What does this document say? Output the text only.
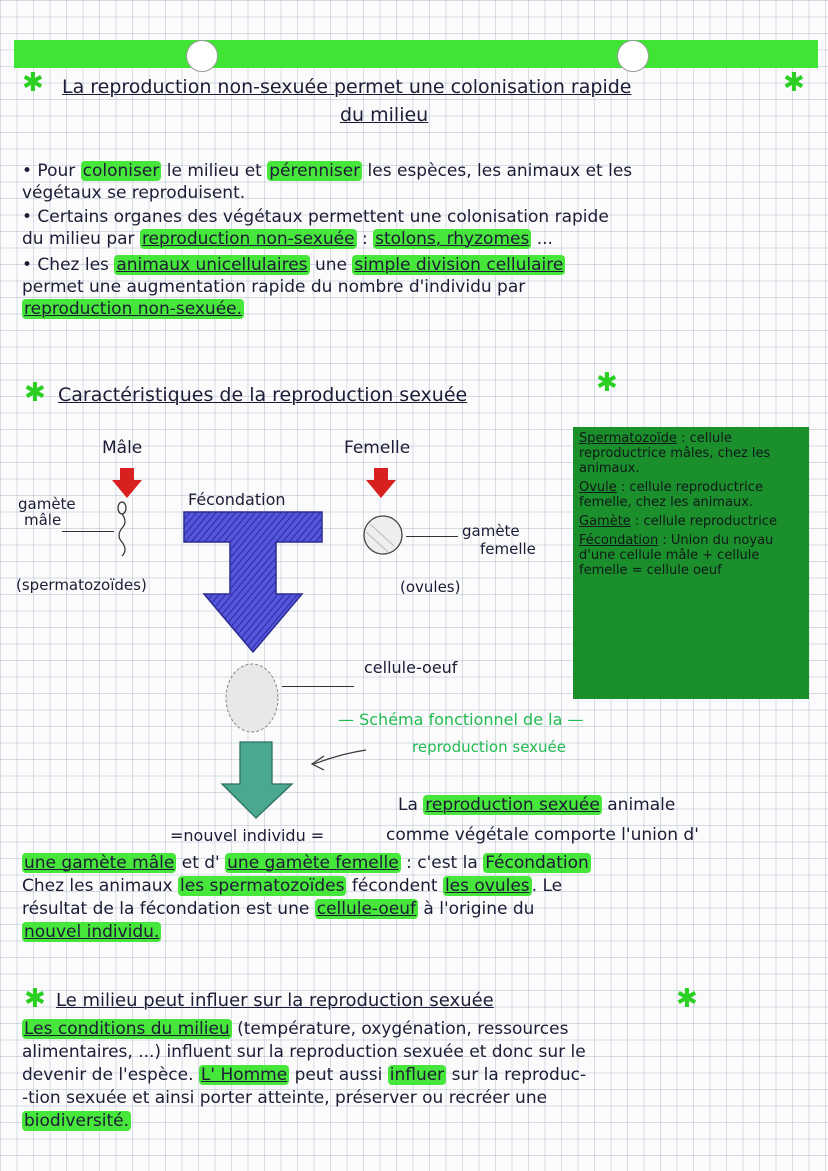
✱	✱
La reproduction non-sexuée permet une colonisation rapide
du milieu
• Pour coloniser le milieu et pérenniser les espèces, les animaux et les
végétaux se reproduisent.
• Certains organes des végétaux permettent une colonisation rapide
du milieu par reproduction non-sexuée : stolons, rhyzomes ...
• Chez les animaux unicellulaires une simple division cellulaire
permet une augmentation rapide du nombre d'individu par
reproduction non-sexuée.
✱	✱
Caractéristiques de la reproduction sexuée
Mâle	Femelle
gamète
mâle
(spermatozoïdes)
Fécondation
gamète
femelle
(ovules)
cellule-oeuf
— Schéma fonctionnel de la —
reproduction sexuée
=nouvel individu =
Spermatozoïde : cellule reproductrice mâles, chez les animaux.
Ovule : cellule reproductrice femelle, chez les animaux.
Gamète : cellule reproductrice
Fécondation : Union du noyau d'une cellule mâle + cellule femelle = cellule oeuf
La reproduction sexuée animale
comme végétale comporte l'union d'
une gamète mâle et d' une gamète femelle : c'est la Fécondation
Chez les animaux les spermatozoïdes fécondent les ovules . Le
résultat de la fécondation est une cellule-oeuf à l'origine du
nouvel individu.
✱	✱
Le milieu peut influer sur la reproduction sexuée
Les conditions du milieu (température, oxygénation, ressources
alimentaires, ...) influent sur la reproduction sexuée et donc sur le
devenir de l'espèce. L' Homme peut aussi influer sur la reproduc-
-tion sexuée et ainsi porter atteinte, préserver ou recréer une
biodiversité.
